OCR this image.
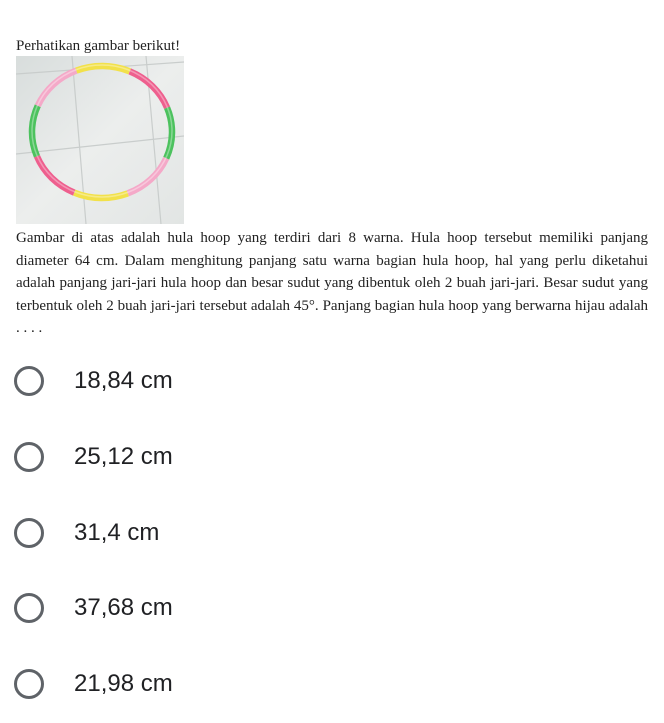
Perhatikan gambar berikut!

Gambar di atas adalah hula hoop yang terdiri dari 8 warna. Hula hoop tersebut memiliki panjang diameter 64 cm. Dalam menghitung panjang satu warna bagian hula hoop, hal yang perlu diketahui adalah panjang jari-jari hula hoop dan besar sudut yang dibentuk oleh 2 buah jari-jari. Besar sudut yang terbentuk oleh 2 buah jari-jari tersebut adalah 45°. Panjang bagian hula hoop yang berwarna hijau adalah . . . .

18,84 cm
25,12 cm
31,4 cm
37,68 cm
21,98 cm
